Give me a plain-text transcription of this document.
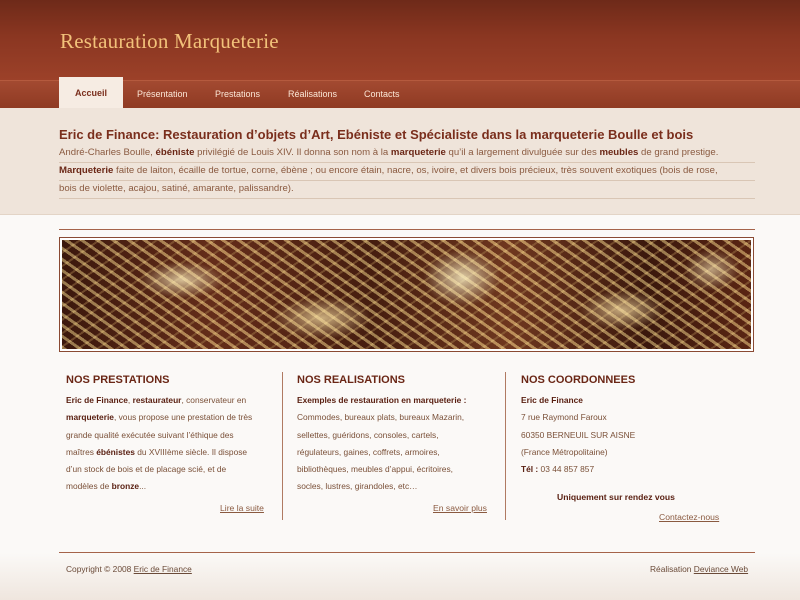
Restauration Marqueterie
Accueil	Présentation	Prestations	Réalisations	Contacts
Eric de Finance: Restauration d’objets d’Art, Ebéniste et Spécialiste dans la marqueterie Boulle et bois
André-Charles Boulle, ébéniste privilégié de Louis XIV. Il donna son nom à la marqueterie qu’il a largement divulguée sur des meubles de grand prestige.
Marqueterie faite de laiton, écaille de tortue, corne, ébène ; ou encore étain, nacre, os, ivoire, et divers bois précieux, très souvent exotiques (bois de rose,
bois de violette, acajou, satiné, amarante, palissandre).
NOS PRESTATIONS
Eric de Finance, restaurateur, conservateur en
marqueterie, vous propose une prestation de très
grande qualité exécutée suivant l’éthique des
maîtres ébénistes du XVIIIème siècle. Il dispose
d’un stock de bois et de placage scié, et de
modèles de bronze...
Lire la suite
NOS REALISATIONS
Exemples de restauration en marqueterie :
Commodes, bureaux plats, bureaux Mazarin,
sellettes, guéridons, consoles, cartels,
régulateurs, gaines, coffrets, armoires,
bibliothèques, meubles d’appui, écritoires,
socles, lustres, girandoles, etc…
En savoir plus
NOS COORDONNEES
Eric de Finance
7 rue Raymond Faroux
60350 BERNEUIL SUR AISNE
(France Métropolitaine)
Tél : 03 44 857 857
Uniquement sur rendez vous
Contactez-nous
Copyright © 2008 Eric de Finance	Réalisation Deviance Web
